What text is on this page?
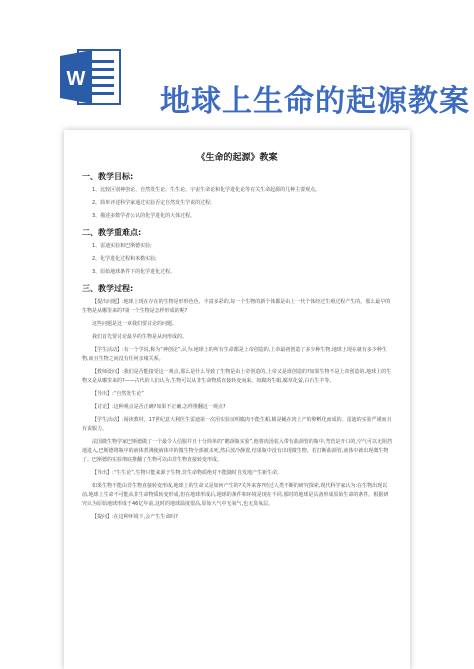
W
地球上生命的起源教案
《生命的起源》教案
一、教学目标:
1、比较区别神创论、自然发生论、生生论、宇宙生命论和化学进化论等有关生命起源的几种主要观点。
2、简单评述科学家通过实验否定自然发生学说的过程;
3、描述多数学者公认的化学进化的大体过程。
二、教学重难点:
1、雷迪实验和巴斯德实验;
2、化学进化过程和米勒实验;
3、原始地球条件下的化学进化过程。
三、教学过程:
【提出问题】:地球上现在存在的生物是形形色色、丰富多彩的,每一个生物的新个体都是由上一代个体经过生殖过程产生的。那么最早的生物是从哪里来的?第一个生物是怎样形成的呢?
这些问题是这一章我们要讨论的问题。
我们首先要讨论最早的生物是从何形成的。
【学生活动】:有一个学说,称为“神创论”,认为:地球上的所有生命都是上帝创造的,上帝最初创造了多少种生物,地球上现在就有多少种生物,而且生物之间没有任何亲缘关系。
【教师设问】:我们是否能接受这一观点,那么是什么导致了生物是由上帝创造的,上帝又是谁创造的?如果生物不是上帝创造的,地球上的生物又是从哪里来的?——古代的人们认为,生物可以从非生命物质直接转变而来。如腐肉生蛆,腐草化萤,白石生羊等。
【导出】:“自然发生论”
【讨论】:这种观点是否正确?如果不正确,怎样推翻这一观点?
【学生活动】:阅读教材。17世纪意大利医生雷迪第一次用实验证明腐肉不能生蛆,蛆是蝇在肉上产的卵孵化而成的。雷迪的实验严谨而且有说服力。
法国微生物学家巴斯德做了一个最令人信服并且十分简单的“鹅颈瓶实验”,他将肉汤装入带有曲颈管的瓶中,弯管是开口的,空气可以无阻挡地进入,巴斯德将瓶中的液体煮沸使液体中的微生物全部被杀死,然后放冷静置,结果瓶中没有出现微生物。若打断曲颈管,液体中就出现微生物了。巴斯德的实验彻底推翻了生物可以由非生物直接转变形成。
【导出】:“生生论”,生物只能来源于生物,非生命物质绝对不能随时自发地产生新生命。
如果生物不能由非生物直接转变形成,地球上的生命又是如何产生的?关外来客?经过人类不断的研究探索,现代科学家认为:在生物出现以前,地球上生命不可能从非生命物质转变形成,但在地球形成后,地球的条件和环境是现在不同,那时的地球是具备形成原始生命的条件。根据研究认为原始地球形成于46亿年前,这时的地球温度很高,原始大气中无氧气,也无臭氧层。
【提问】:在这种环境下,会产生生命吗?
